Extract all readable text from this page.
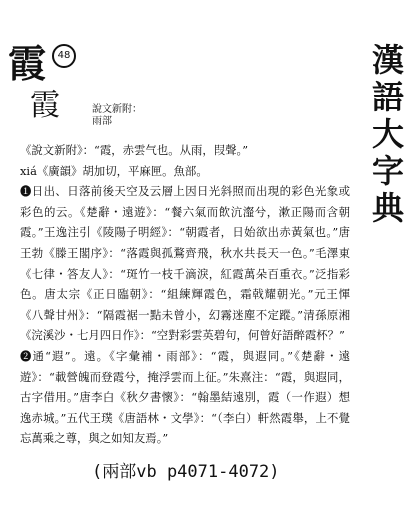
漢
語
大
字
典
霞	48
霞	說文新附：
雨部

《說文新附》：“霞，赤雲气也。从雨，叚聲。”

xiá《廣韻》胡加切，平麻匣。魚部。

❶日出、日落前後天空及云層上因日光斜照而出現的彩色光象或彩色的云。《楚辭・遠遊》：“餐六氣而飲沆瀣兮，漱正陽而含朝霞。”王逸注引《陵陽子明經》：“朝霞者，日始欲出赤黃氣也。”唐王勃《滕王閣序》：“落霞與孤鶩齊飛，秋水共長天一色。”毛澤東《七律・答友人》：“斑竹一枝千滴淚，紅霞萬朵百重衣。”泛指彩色。唐太宗《正日臨朝》：“組練輝霞色，霜戟耀朝光。”元王惲《八聲甘州》：“隔霞裾一點未曾小，幻霧迷塵不定蹤。”清孫原湘《浣溪沙・七月四日作》：“空對彩雲英碧句，何曾好語醉霞杯？”

❷通“遐”。遠。《字彙補・雨部》：“霞，與遐同。”《楚辭・遠遊》：“載營魄而登霞兮，掩浮雲而上征。”朱熹注：“霞，與遐同，古字借用。”唐李白《秋夕書懷》：“翰墨結遠別，霞（一作遐）想逸赤城。”五代王璞《唐語林・文學》：“（李白）軒然霞舉，上不覺忘萬乘之尊，與之如知友焉。”

(兩部vb p4071-4072)
